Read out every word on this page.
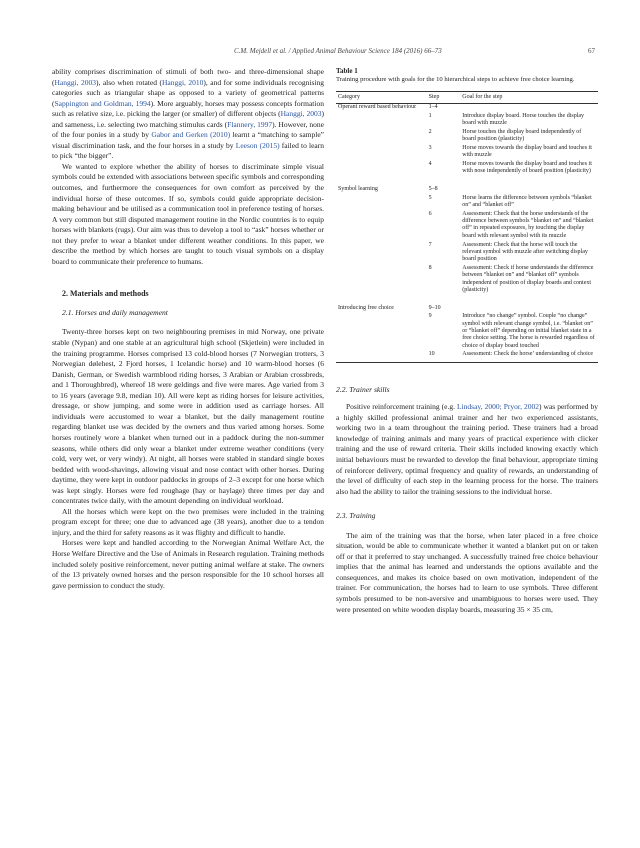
C.M. Mejdell et al. / Applied Animal Behaviour Science 184 (2016) 66–73	67

ability comprises discrimination of stimuli of both two- and three-dimensional shape (Hanggi, 2003), also when rotated (Hanggi, 2010), and for some individuals recognising categories such as triangular shape as opposed to a variety of geometrical patterns (Sappington and Goldman, 1994). More arguably, horses may possess concepts formation such as relative size, i.e. picking the larger (or smaller) of different objects (Hanggi, 2003) and sameness, i.e. selecting two matching stimulus cards (Flannery, 1997). However, none of the four ponies in a study by Gabor and Gerken (2010) learnt a “matching to sample” visual discrimination task, and the four horses in a study by Leeson (2015) failed to learn to pick “the bigger”.

We wanted to explore whether the ability of horses to discriminate simple visual symbols could be extended with associations between specific symbols and corresponding outcomes, and furthermore the consequences for own comfort as perceived by the individual horse of these outcomes. If so, symbols could guide appropriate decision-making behaviour and be utilised as a communication tool in preference testing of horses. A very common but still disputed management routine in the Nordic countries is to equip horses with blankets (rugs). Our aim was thus to develop a tool to “ask” horses whether or not they prefer to wear a blanket under different weather conditions. In this paper, we describe the method by which horses are taught to touch visual symbols on a display board to communicate their preference to humans.

2. Materials and methods

2.1. Horses and daily management

Twenty-three horses kept on two neighbouring premises in mid Norway, one private stable (Nypan) and one stable at an agricultural high school (Skjetlein) were included in the training programme. Horses comprised 13 cold-blood horses (7 Norwegian trotters, 3 Norwegian dølehest, 2 Fjord horses, 1 Icelandic horse) and 10 warm-blood horses (6 Danish, German, or Swedish warmblood riding horses, 3 Arabian or Arabian crossbreds, and 1 Thoroughbred), whereof 18 were geldings and five were mares. Age varied from 3 to 16 years (average 9.8, median 10). All were kept as riding horses for leisure activities, dressage, or show jumping, and some were in addition used as carriage horses. All individuals were accustomed to wear a blanket, but the daily management routine regarding blanket use was decided by the owners and thus varied among horses. Some horses routinely wore a blanket when turned out in a paddock during the non-summer seasons, while others did only wear a blanket under extreme weather conditions (very cold, very wet, or very windy). At night, all horses were stabled in standard single boxes bedded with wood-shavings, allowing visual and nose contact with other horses. During daytime, they were kept in outdoor paddocks in groups of 2–3 except for one horse which was kept singly. Horses were fed roughage (hay or haylage) three times per day and concentrates twice daily, with the amount depending on individual workload.

All the horses which were kept on the two premises were included in the training program except for three; one due to advanced age (38 years), another due to a tendon injury, and the third for safety reasons as it was flighty and difficult to handle.

Horses were kept and handled according to the Norwegian Animal Welfare Act, the Horse Welfare Directive and the Use of Animals in Research regulation. Training methods included solely positive reinforcement, never putting animal welfare at stake. The owners of the 13 privately owned horses and the person responsible for the 10 school horses all gave permission to conduct the study.

Table 1

Training procedure with goals for the 10 hierarchical steps to achieve free choice learning.

Category	Step	Goal for the step
Operant reward based behaviour	1–4	
	1	Introduce display board. Horse touches the display board with muzzle
	2	Horse touches the display board independently of board position (plasticity)
	3	Horse moves towards the display board and touches it with muzzle
	4	Horse moves towards the display board and touches it with nose independently of board position (plasticity)
Symbol learning	5–8	
	5	Horse learns the difference between symbols “blanket on” and “blanket off”
	6	Assessment: Check that the horse understands of the difference between symbols “blanket on” and “blanket off” in repeated exposures, by touching the display board with relevant symbol with its muzzle
	7	Assessment: Check that the horse will touch the relevant symbol with muzzle after switching display board position
	8	Assessment: Check if horse understands the difference between “blanket on” and “blanket off” symbols independent of position of display boards and context (plasticity)
Introducing free choice	9–10	
	9	Introduce “no change” symbol. Couple “no change” symbol with relevant change symbol, i.e. “blanket on” or “blanket off” depending on initial blanket state in a free choice setting. The horse is rewarded regardless of choice of display board touched
	10	Assessment: Check the horse’ understanding of choice

2.2. Trainer skills

Positive reinforcement training (e.g. Lindsay, 2000; Pryor, 2002) was performed by a highly skilled professional animal trainer and her two experienced assistants, working two in a team throughout the training period. These trainers had a broad knowledge of training animals and many years of practical experience with clicker training and the use of reward criteria. Their skills included knowing exactly which initial behaviours must be rewarded to develop the final behaviour, appropriate timing of reinforcer delivery, optimal frequency and quality of rewards, an understanding of the level of difficulty of each step in the learning process for the horse. The trainers also had the ability to tailor the training sessions to the individual horse.

2.3. Training

The aim of the training was that the horse, when later placed in a free choice situation, would be able to communicate whether it wanted a blanket put on or taken off or that it preferred to stay unchanged. A successfully trained free choice behaviour implies that the animal has learned and understands the options available and the consequences, and makes its choice based on own motivation, independent of the trainer. For communication, the horses had to learn to use symbols. Three different symbols presumed to be non-aversive and unambiguous to horses were used. They were presented on white wooden display boards, measuring 35 × 35 cm,
